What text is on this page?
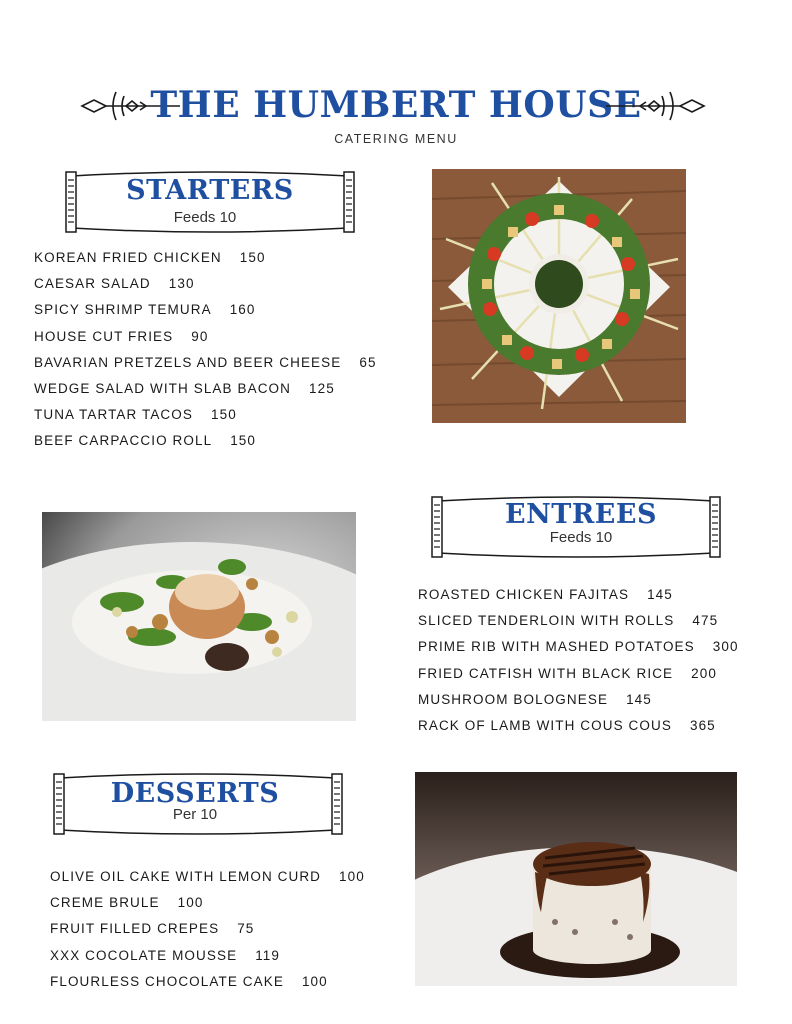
THE HUMBERT HOUSE
CATERING MENU
STARTERS
Feeds 10
KOREAN FRIED CHICKEN 150
CAESAR SALAD 130
SPICY SHRIMP TEMURA 160
HOUSE CUT FRIES 90
BAVARIAN PRETZELS AND BEER CHEESE 65
WEDGE SALAD WITH SLAB BACON 125
TUNA TARTAR TACOS 150
BEEF CARPACCIO ROLL 150
ENTREES
Feeds 10
ROASTED CHICKEN FAJITAS 145
SLICED TENDERLOIN WITH ROLLS 475
PRIME RIB WITH MASHED POTATOES 300
FRIED CATFISH WITH BLACK RICE 200
MUSHROOM BOLOGNESE 145
RACK OF LAMB WITH COUS COUS 365
DESSERTS
Per 10
OLIVE OIL CAKE WITH LEMON CURD 100
CREME BRULE 100
FRUIT FILLED CREPES 75
XXX COCOLATE MOUSSE 119
FLOURLESS CHOCOLATE CAKE 100
